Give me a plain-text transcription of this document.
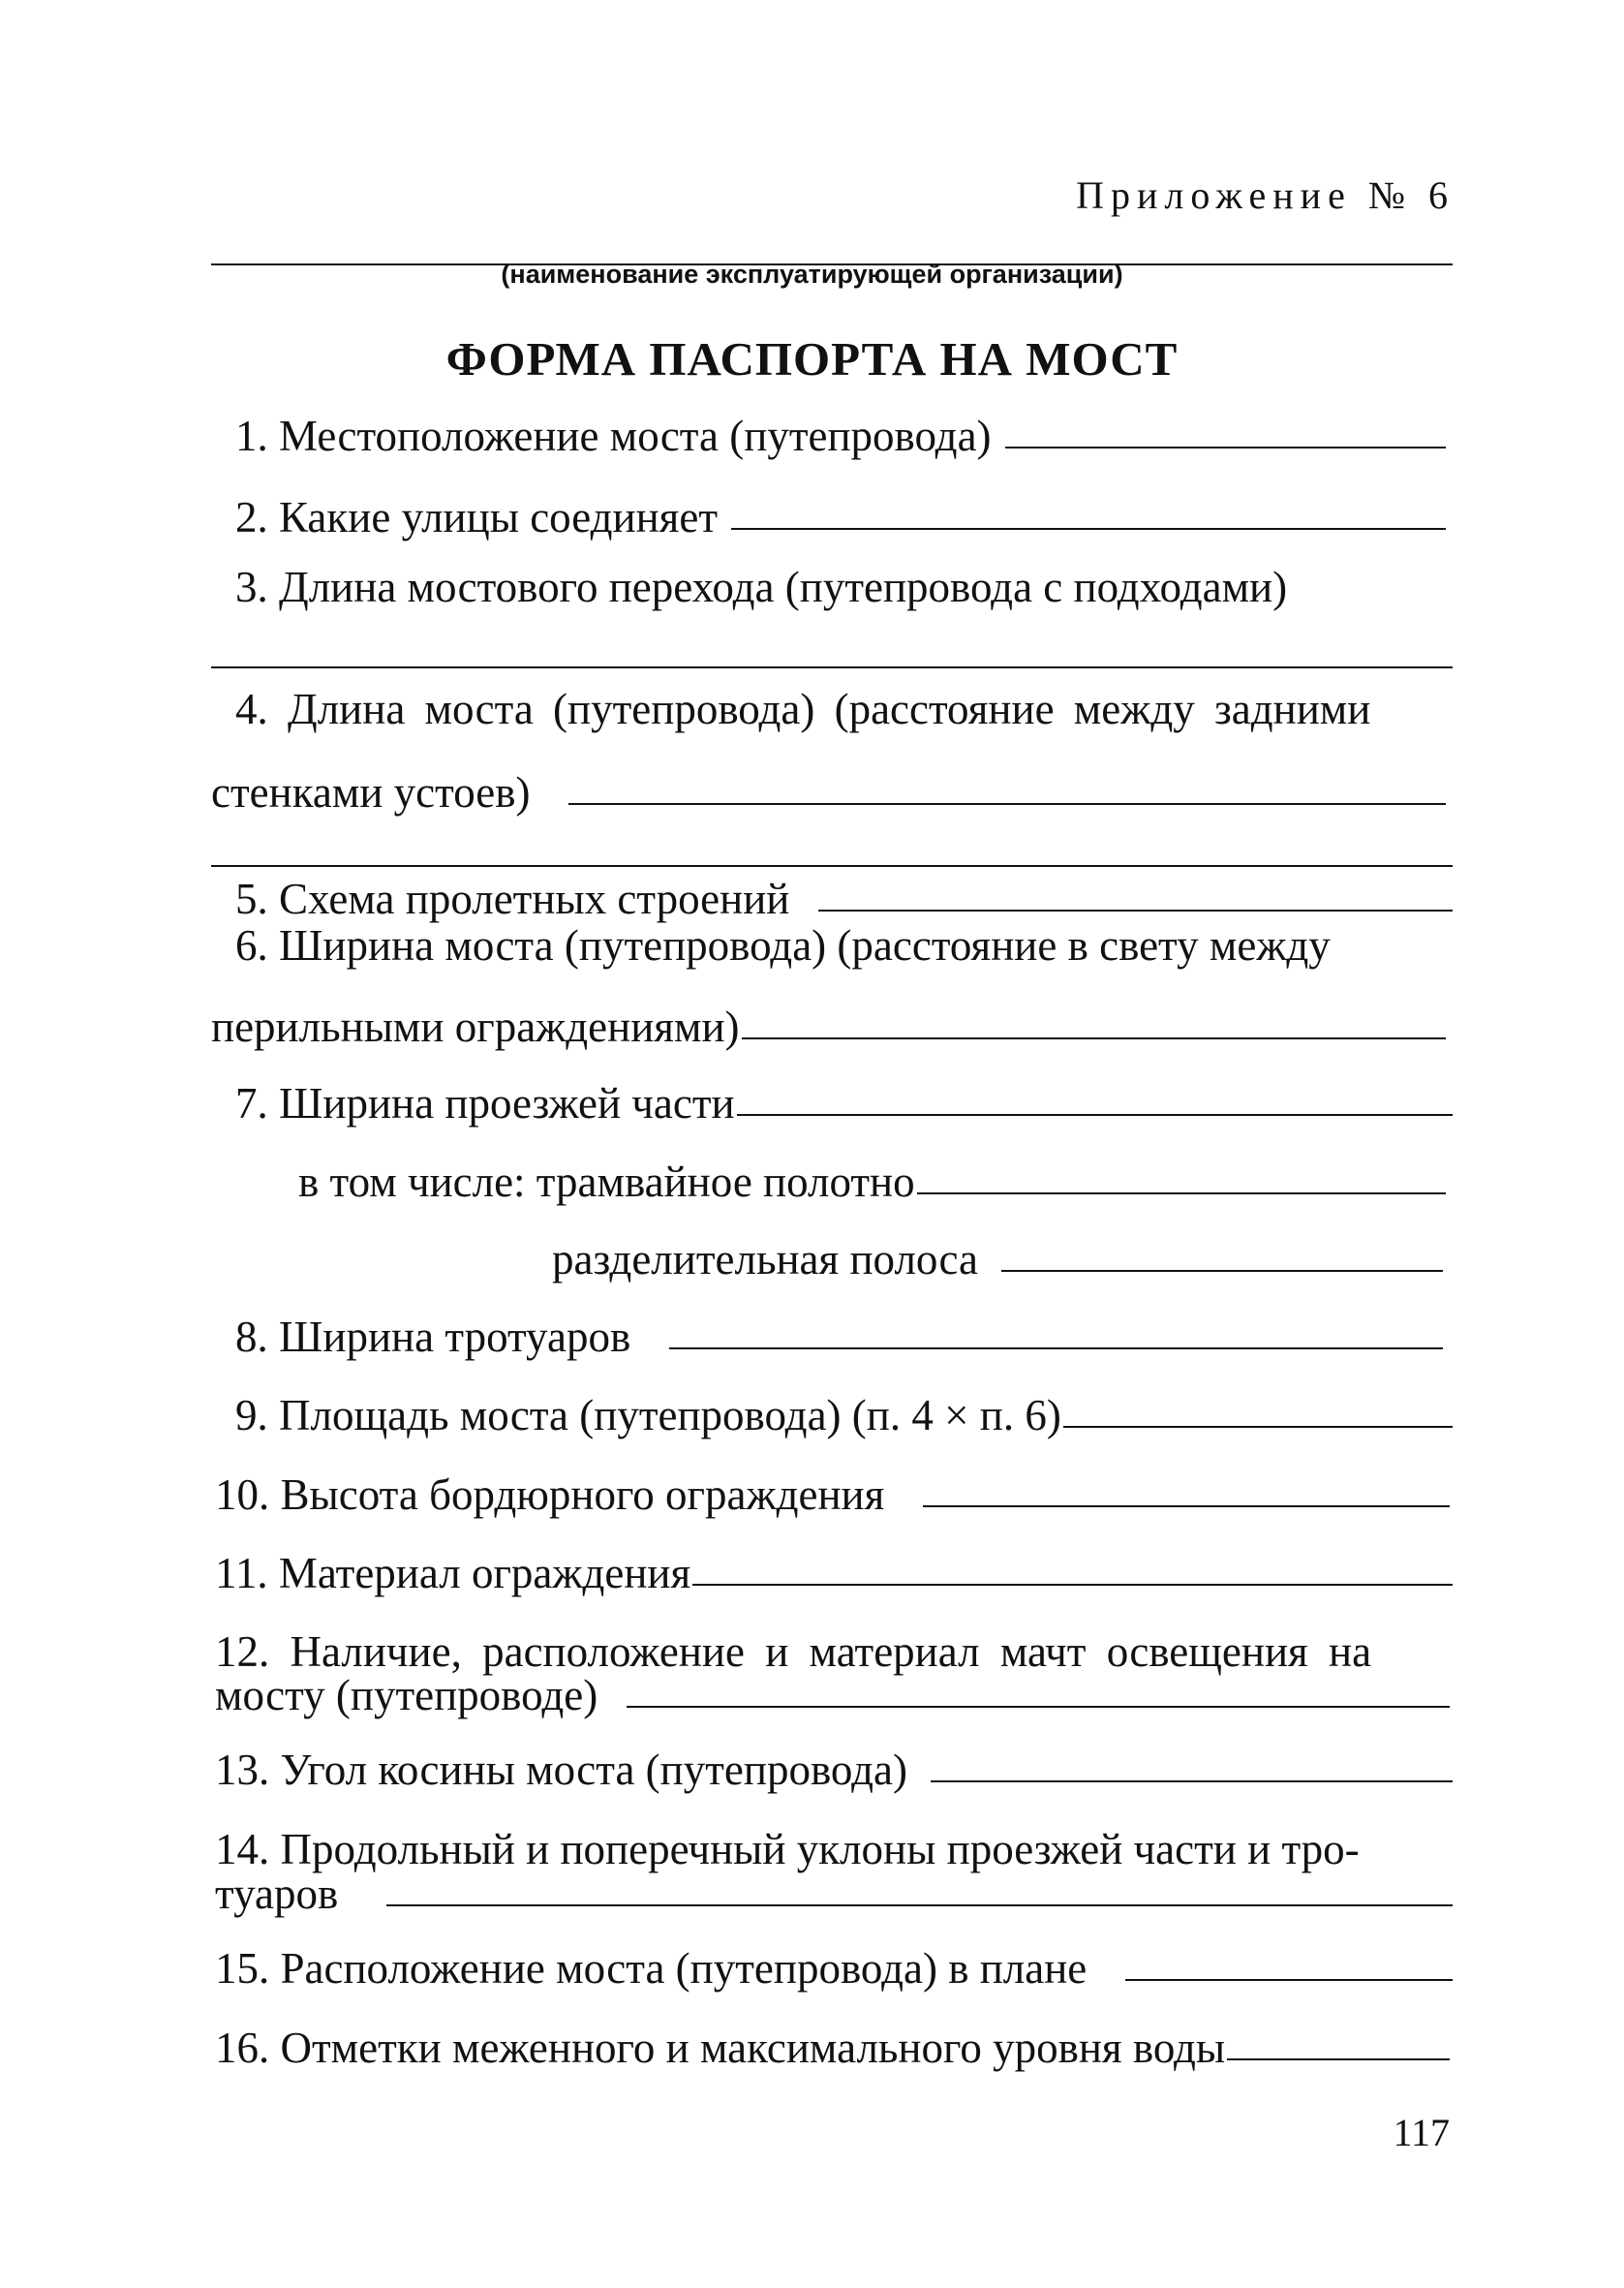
Приложение № 6
(наименование эксплуатирующей организации)
ФОРМА ПАСПОРТА НА МОСТ
1. Местоположение моста (путепровода)
2. Какие улицы соединяет
3. Длина мостового перехода (путепровода с подходами)
4. Длина моста (путепровода) (расстояние между задними
стенками устоев)
5. Схема пролетных строений
6. Ширина моста (путепровода) (расстояние в свету между
перильными ограждениями)
7. Ширина проезжей части
в том числе: трамвайное полотно
разделительная полоса
8. Ширина тротуаров
9. Площадь моста (путепровода) (п. 4 × п. 6)
10. Высота бордюрного ограждения
11. Материал ограждения
12. Наличие, расположение и материал мачт освещения на
мосту (путепроводе)
13. Угол косины моста (путепровода)
14. Продольный и поперечный уклоны проезжей части и тро-
туаров
15. Расположение моста (путепровода) в плане
16. Отметки меженного и максимального уровня воды
117
